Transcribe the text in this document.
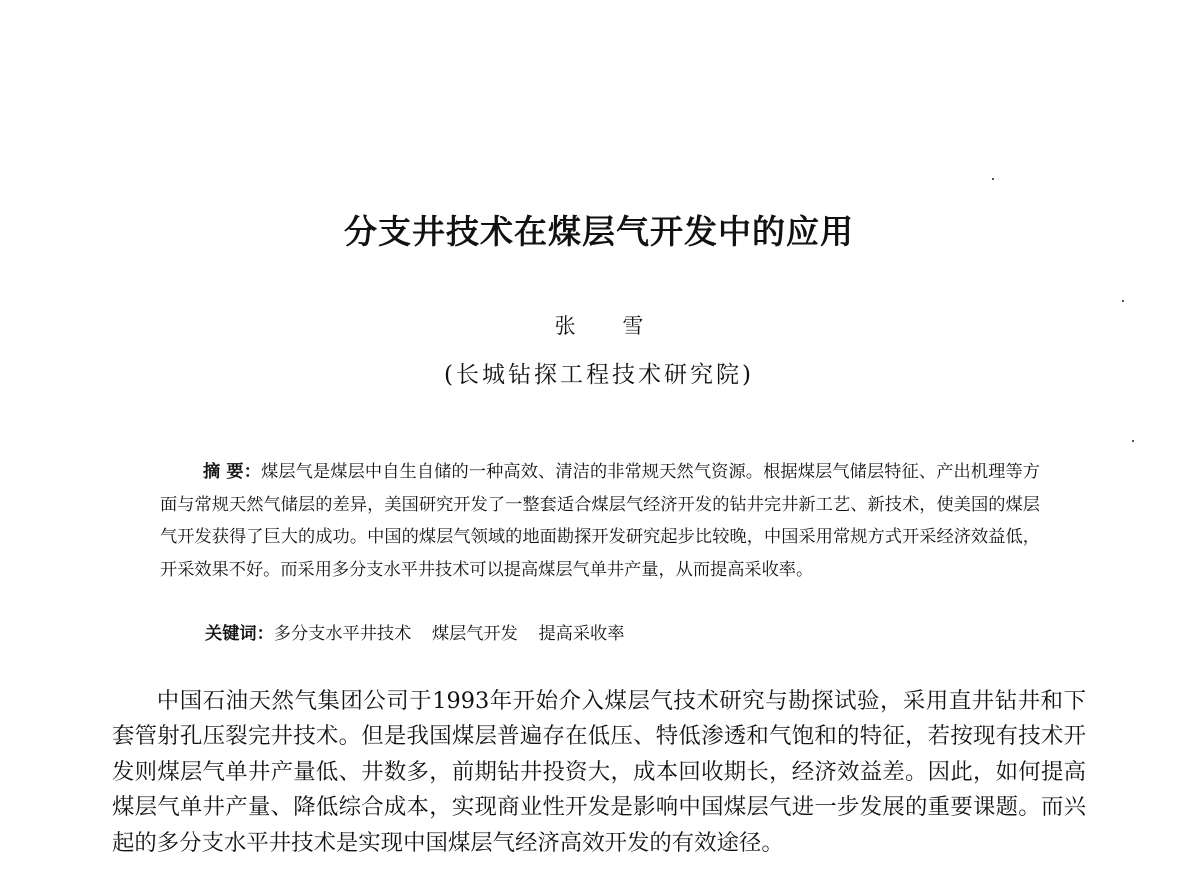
分支井技术在煤层气开发中的应用
张 雪
(长城钻探工程技术研究院)

摘 要：煤层气是煤层中自生自储的一种高效、清洁的非常规天然气资源。根据煤层气储层特征、产出机理等方面与常规天然气储层的差异，美国研究开发了一整套适合煤层气经济开发的钻井完井新工艺、新技术，使美国的煤层气开发获得了巨大的成功。中国的煤层气领域的地面勘探开发研究起步比较晚，中国采用常规方式开采经济效益低，开采效果不好。而采用多分支水平井技术可以提高煤层气单井产量，从而提高采收率。

关键词：多分支水平井技术 煤层气开发 提高采收率

中国石油天然气集团公司于1993年开始介入煤层气技术研究与勘探试验，采用直井钻井和下套管射孔压裂完井技术。但是我国煤层普遍存在低压、特低渗透和气饱和的特征，若按现有技术开发则煤层气单井产量低、井数多，前期钻井投资大，成本回收期长，经济效益差。因此，如何提高煤层气单井产量、降低综合成本，实现商业性开发是影响中国煤层气进一步发展的重要课题。而兴起的多分支水平井技术是实现中国煤层气经济高效开发的有效途径。
